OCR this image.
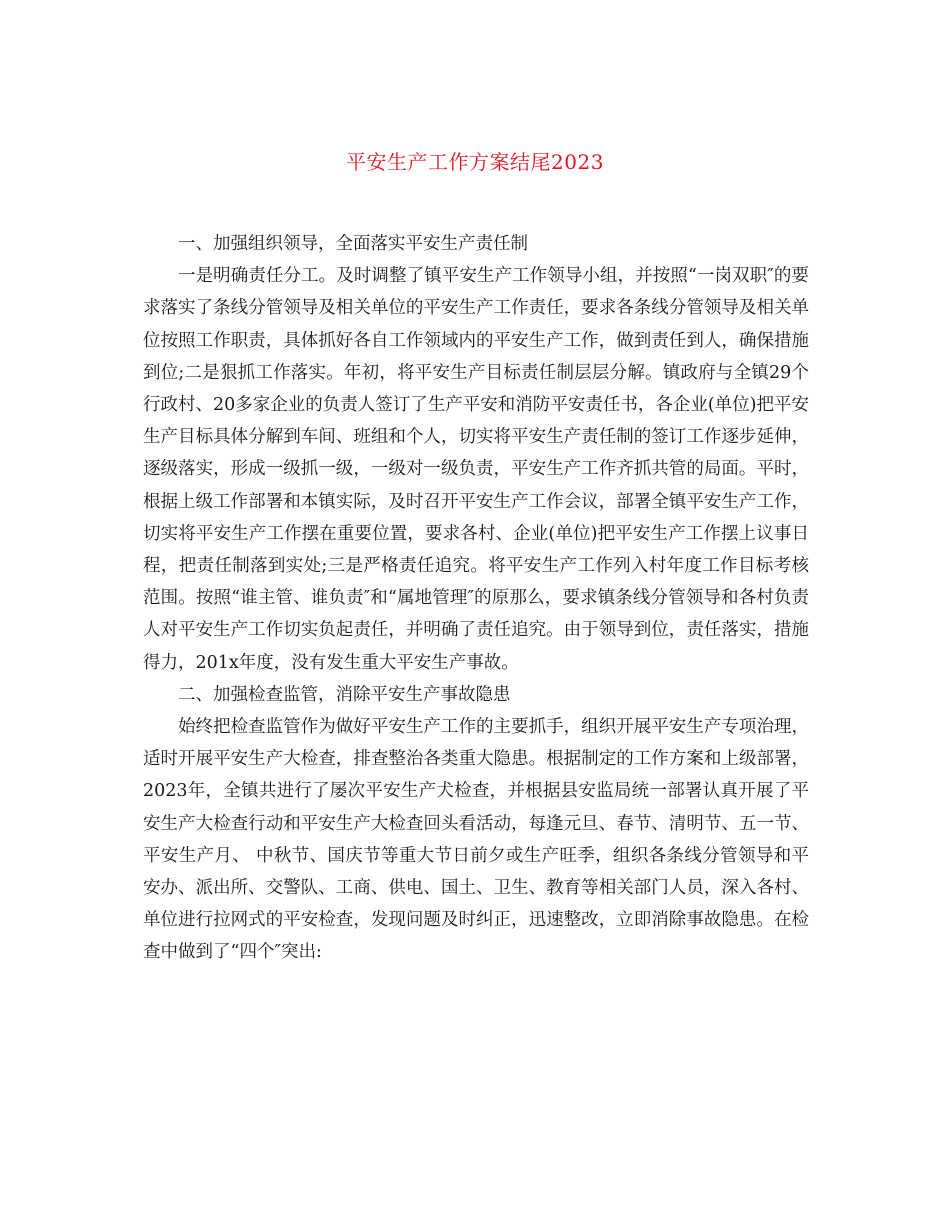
平安生产工作方案结尾2023

一、加强组织领导，全面落实平安生产责任制

一是明确责任分工。及时调整了镇平安生产工作领导小组，并按照“一岗双职″的要求落实了条线分管领导及相关单位的平安生产工作责任，要求各条线分管领导及相关单位按照工作职责，具体抓好各自工作领域内的平安生产工作，做到责任到人，确保措施到位;二是狠抓工作落实。年初，将平安生产目标责任制层层分解。镇政府与全镇29个行政村、20多家企业的负责人签订了生产平安和消防平安责任书，各企业(单位)把平安生产目标具体分解到车间、班组和个人，切实将平安生产责任制的签订工作逐步延伸，逐级落实，形成一级抓一级，一级对一级负责，平安生产工作齐抓共管的局面。平时，根据上级工作部署和本镇实际，及时召开平安生产工作会议，部署全镇平安生产工作，切实将平安生产工作摆在重要位置，要求各村、企业(单位)把平安生产工作摆上议事日程，把责任制落到实处;三是严格责任追究。将平安生产工作列入村年度工作目标考核范围。按照“谁主管、谁负责″和“属地管理″的原那么，要求镇条线分管领导和各村负责人对平安生产工作切实负起责任，并明确了责任追究。由于领导到位，责任落实，措施得力，201x年度，没有发生重大平安生产事故。

二、加强检查监管，消除平安生产事故隐患

始终把检查监管作为做好平安生产工作的主要抓手，组织开展平安生产专项治理，适时开展平安生产大检查，排查整治各类重大隐患。根据制定的工作方案和上级部署，2023年，全镇共进行了屡次平安生产犬检查，并根据县安监局统一部署认真开展了平安生产大检查行动和平安生产大检查回头看活动，每逢元旦、春节、清明节、五一节、平安生产月、 中秋节、国庆节等重大节日前夕或生产旺季，组织各条线分管领导和平安办、派出所、交警队、工商、供电、国土、卫生、教育等相关部门人员，深入各村、单位进行拉网式的平安检查，发现问题及时纠正，迅速整改，立即消除事故隐患。在检查中做到了“四个″突出:
